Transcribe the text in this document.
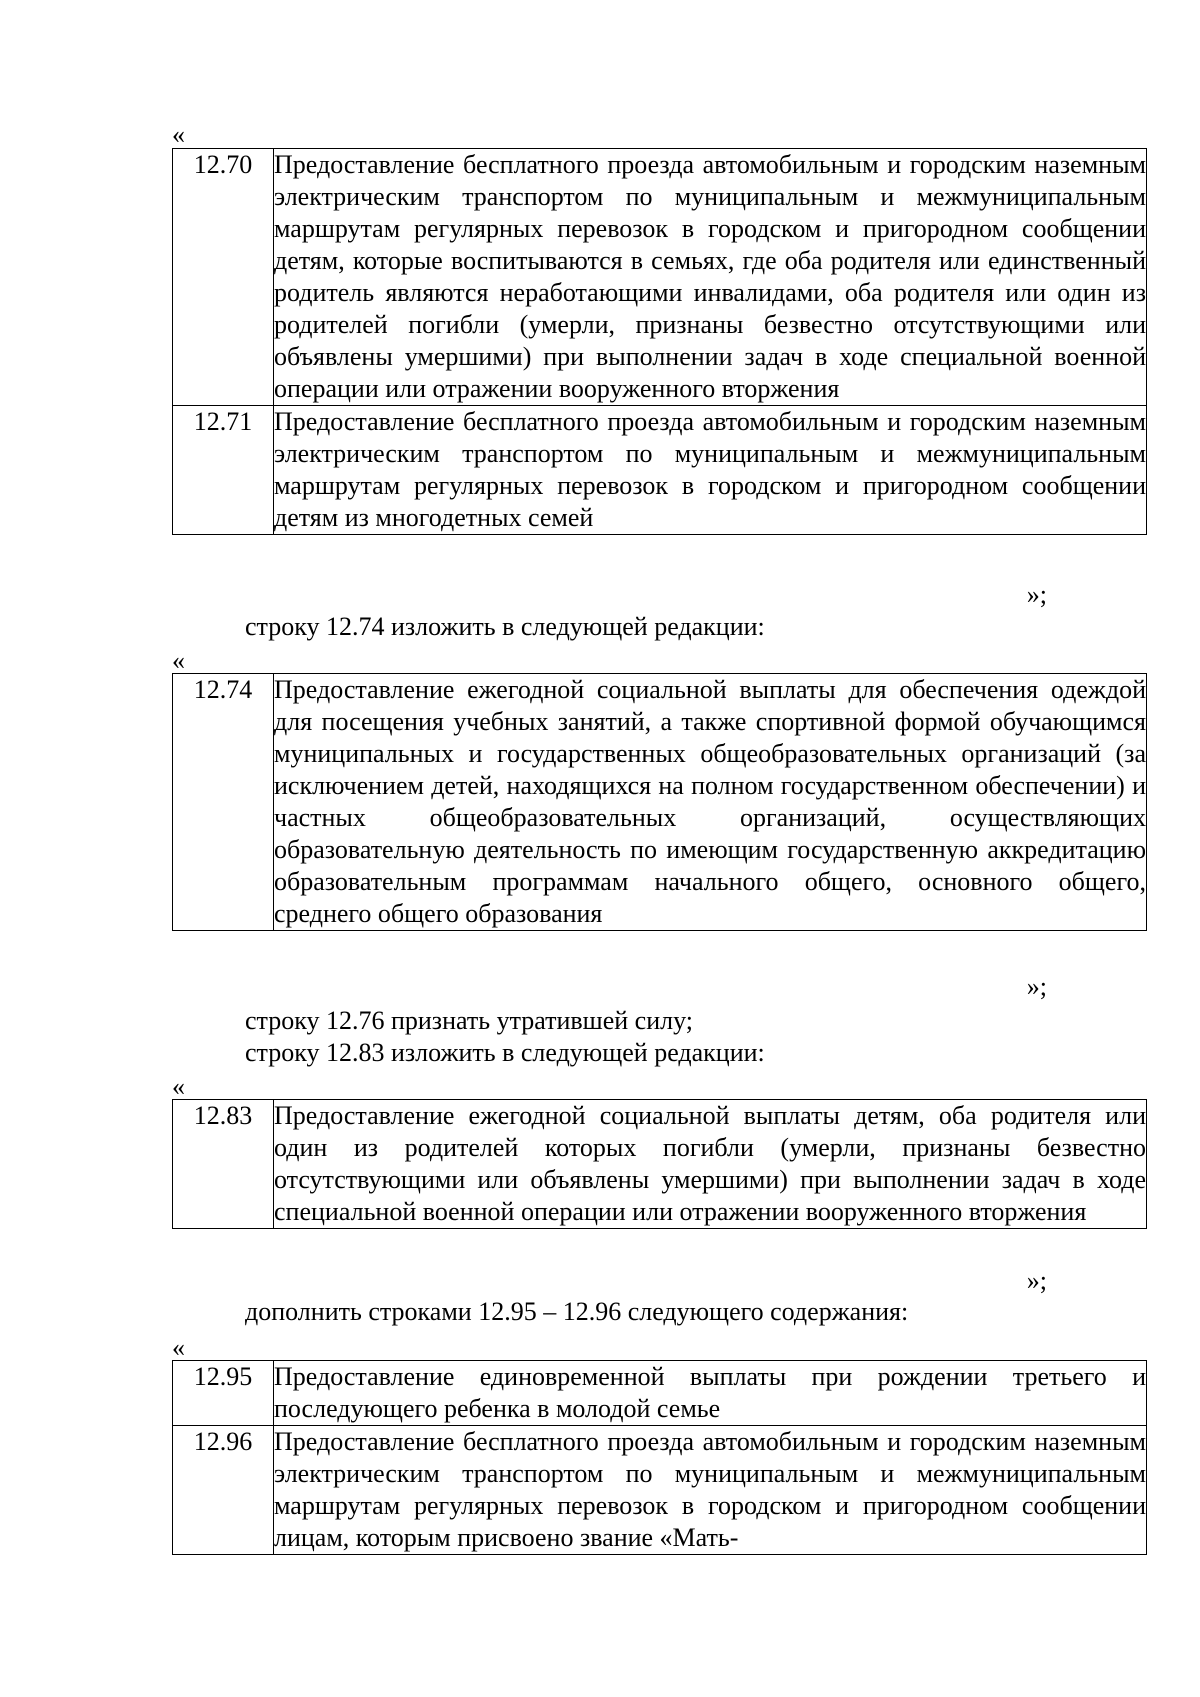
«
12.70	Предоставление бесплатного проезда автомобильным и городским наземным электрическим транспортом по муниципальным и межмуниципальным маршрутам регулярных перевозок в городском и пригородном сообщении детям, которые воспитываются в семьях, где оба родителя или единственный родитель являются неработающими инвалидами, оба родителя или один из родителей погибли (умерли, признаны безвестно отсутствующими или объявлены умершими) при выполнении задач в ходе специальной военной операции или отражении вооруженного вторжения
12.71	Предоставление бесплатного проезда автомобильным и городским наземным электрическим транспортом по муниципальным и межмуниципальным маршрутам регулярных перевозок в городском и пригородном сообщении детям из многодетных семей
»;
строку 12.74 изложить в следующей редакции:
«
12.74	Предоставление ежегодной социальной выплаты для обеспечения одеждой для посещения учебных занятий, а также спортивной формой обучающимся муниципальных и государственных общеобразовательных организаций (за исключением детей, находящихся на полном государственном обеспечении) и частных общеобразовательных организаций, осуществляющих образовательную деятельность по имеющим государственную аккредитацию образовательным программам начального общего, основного общего, среднего общего образования
»;
строку 12.76 признать утратившей силу;
строку 12.83 изложить в следующей редакции:
«
12.83	Предоставление ежегодной социальной выплаты детям, оба родителя или один из родителей которых погибли (умерли, признаны безвестно отсутствующими или объявлены умершими) при выполнении задач в ходе специальной военной операции или отражении вооруженного вторжения
»;
дополнить строками 12.95 – 12.96 следующего содержания:
«
12.95	Предоставление единовременной выплаты при рождении третьего и последующего ребенка в молодой семье
12.96	Предоставление бесплатного проезда автомобильным и городским наземным электрическим транспортом по муниципальным и межмуниципальным маршрутам регулярных перевозок в городском и пригородном сообщении лицам, которым присвоено звание «Мать-
